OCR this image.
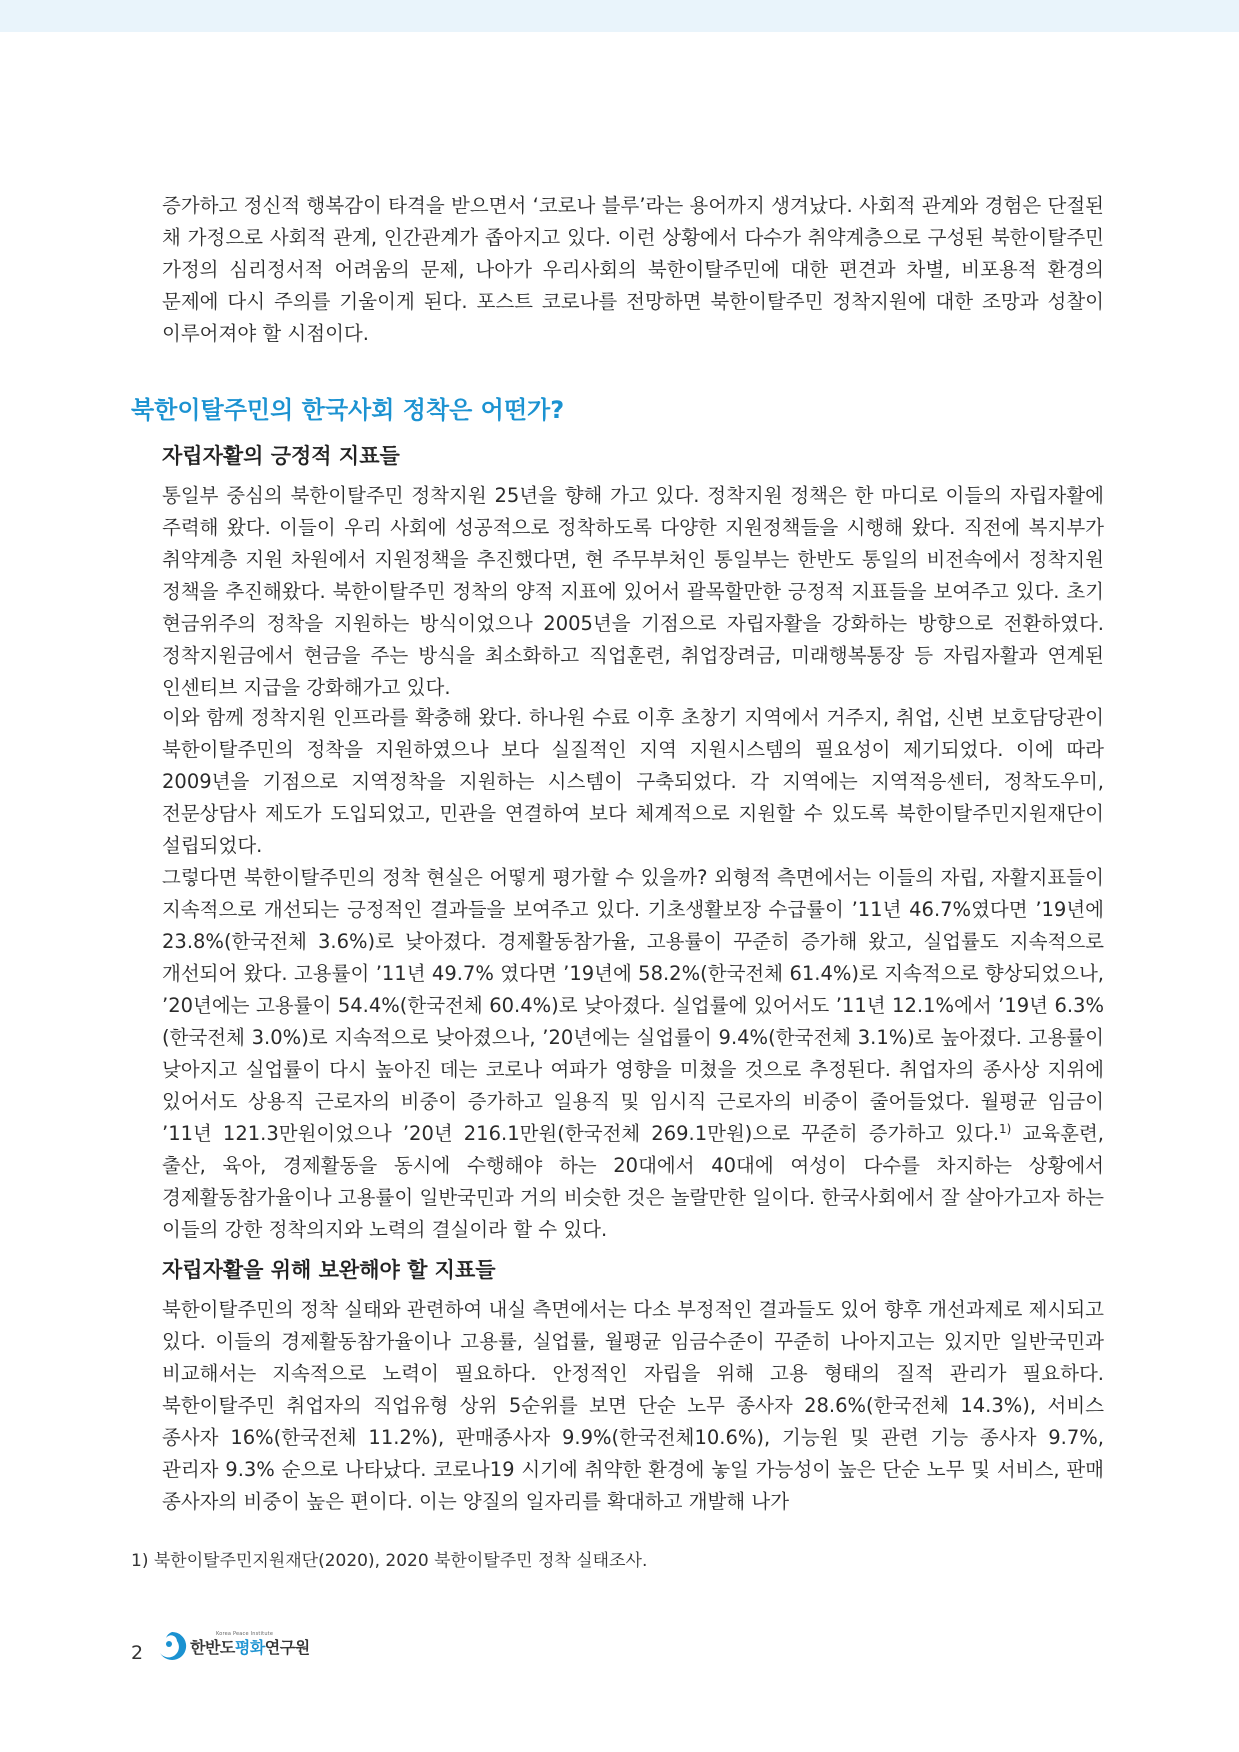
증가하고 정신적 행복감이 타격을 받으면서 ‘코로나 블루’라는 용어까지 생겨났다. 사회적 관계와 경험은 단절된 채 가정으로 사회적 관계, 인간관계가 좁아지고 있다. 이런 상황에서 다수가 취약계층으로 구성된 북한이탈주민 가정의 심리정서적 어려움의 문제, 나아가 우리사회의 북한이탈주민에 대한 편견과 차별, 비포용적 환경의 문제에 다시 주의를 기울이게 된다. 포스트 코로나를 전망하면 북한이탈주민 정착지원에 대한 조망과 성찰이 이루어져야 할 시점이다.

북한이탈주민의 한국사회 정착은 어떤가?
자립자활의 긍정적 지표들

통일부 중심의 북한이탈주민 정착지원 25년을 향해 가고 있다. 정착지원 정책은 한 마디로 이들의 자립자활에 주력해 왔다. 이들이 우리 사회에 성공적으로 정착하도록 다양한 지원정책들을 시행해 왔다. 직전에 복지부가 취약계층 지원 차원에서 지원정책을 추진했다면, 현 주무부처인 통일부는 한반도 통일의 비전속에서 정착지원 정책을 추진해왔다. 북한이탈주민 정착의 양적 지표에 있어서 괄목할만한 긍정적 지표들을 보여주고 있다. 초기 현금위주의 정착을 지원하는 방식이었으나 2005년을 기점으로 자립자활을 강화하는 방향으로 전환하였다. 정착지원금에서 현금을 주는 방식을 최소화하고 직업훈련, 취업장려금, 미래행복통장 등 자립자활과 연계된 인센티브 지급을 강화해가고 있다.

이와 함께 정착지원 인프라를 확충해 왔다. 하나원 수료 이후 초창기 지역에서 거주지, 취업, 신변 보호담당관이 북한이탈주민의 정착을 지원하였으나 보다 실질적인 지역 지원시스템의 필요성이 제기되었다. 이에 따라 2009년을 기점으로 지역정착을 지원하는 시스템이 구축되었다. 각 지역에는 지역적응센터, 정착도우미, 전문상담사 제도가 도입되었고, 민관을 연결하여 보다 체계적으로 지원할 수 있도록 북한이탈주민지원재단이 설립되었다.

그렇다면 북한이탈주민의 정착 현실은 어떻게 평가할 수 있을까? 외형적 측면에서는 이들의 자립, 자활지표들이 지속적으로 개선되는 긍정적인 결과들을 보여주고 있다. 기초생활보장 수급률이 ’11년 46.7%였다면 ’19년에 23.8%(한국전체 3.6%)로 낮아졌다. 경제활동참가율, 고용률이 꾸준히 증가해 왔고, 실업률도 지속적으로 개선되어 왔다. 고용률이 ’11년 49.7% 였다면 ’19년에 58.2%(한국전체 61.4%)로 지속적으로 향상되었으나, ’20년에는 고용률이 54.4%(한국전체 60.4%)로 낮아졌다. 실업률에 있어서도 ’11년 12.1%에서 ’19년 6.3%(한국전체 3.0%)로 지속적으로 낮아졌으나, ’20년에는 실업률이 9.4%(한국전체 3.1%)로 높아졌다. 고용률이 낮아지고 실업률이 다시 높아진 데는 코로나 여파가 영향을 미쳤을 것으로 추정된다. 취업자의 종사상 지위에 있어서도 상용직 근로자의 비중이 증가하고 일용직 및 임시직 근로자의 비중이 줄어들었다. 월평균 임금이 ’11년 121.3만원이었으나 ’20년 216.1만원(한국전체 269.1만원)으로 꾸준히 증가하고 있다.$^{1)}$ 교육훈련, 출산, 육아, 경제활동을 동시에 수행해야 하는 20대에서 40대에 여성이 다수를 차지하는 상황에서 경제활동참가율이나 고용률이 일반국민과 거의 비슷한 것은 놀랄만한 일이다. 한국사회에서 잘 살아가고자 하는 이들의 강한 정착의지와 노력의 결실이라 할 수 있다.

자립자활을 위해 보완해야 할 지표들

북한이탈주민의 정착 실태와 관련하여 내실 측면에서는 다소 부정적인 결과들도 있어 향후 개선과제로 제시되고 있다. 이들의 경제활동참가율이나 고용률, 실업률, 월평균 임금수준이 꾸준히 나아지고는 있지만 일반국민과 비교해서는 지속적으로 노력이 필요하다. 안정적인 자립을 위해 고용 형태의 질적 관리가 필요하다. 북한이탈주민 취업자의 직업유형 상위 5순위를 보면 단순 노무 종사자 28.6%(한국전체 14.3%), 서비스 종사자 16%(한국전체 11.2%), 판매종사자 9.9%(한국전체10.6%), 기능원 및 관련 기능 종사자 9.7%, 관리자 9.3% 순으로 나타났다. 코로나19 시기에 취약한 환경에 놓일 가능성이 높은 단순 노무 및 서비스, 판매 종사자의 비중이 높은 편이다. 이는 양질의 일자리를 확대하고 개발해 나가

1) 북한이탈주민지원재단(2020), 2020 북한이탈주민 정착 실태조사.

2
Korea Peace Institute
한반도평화연구원
